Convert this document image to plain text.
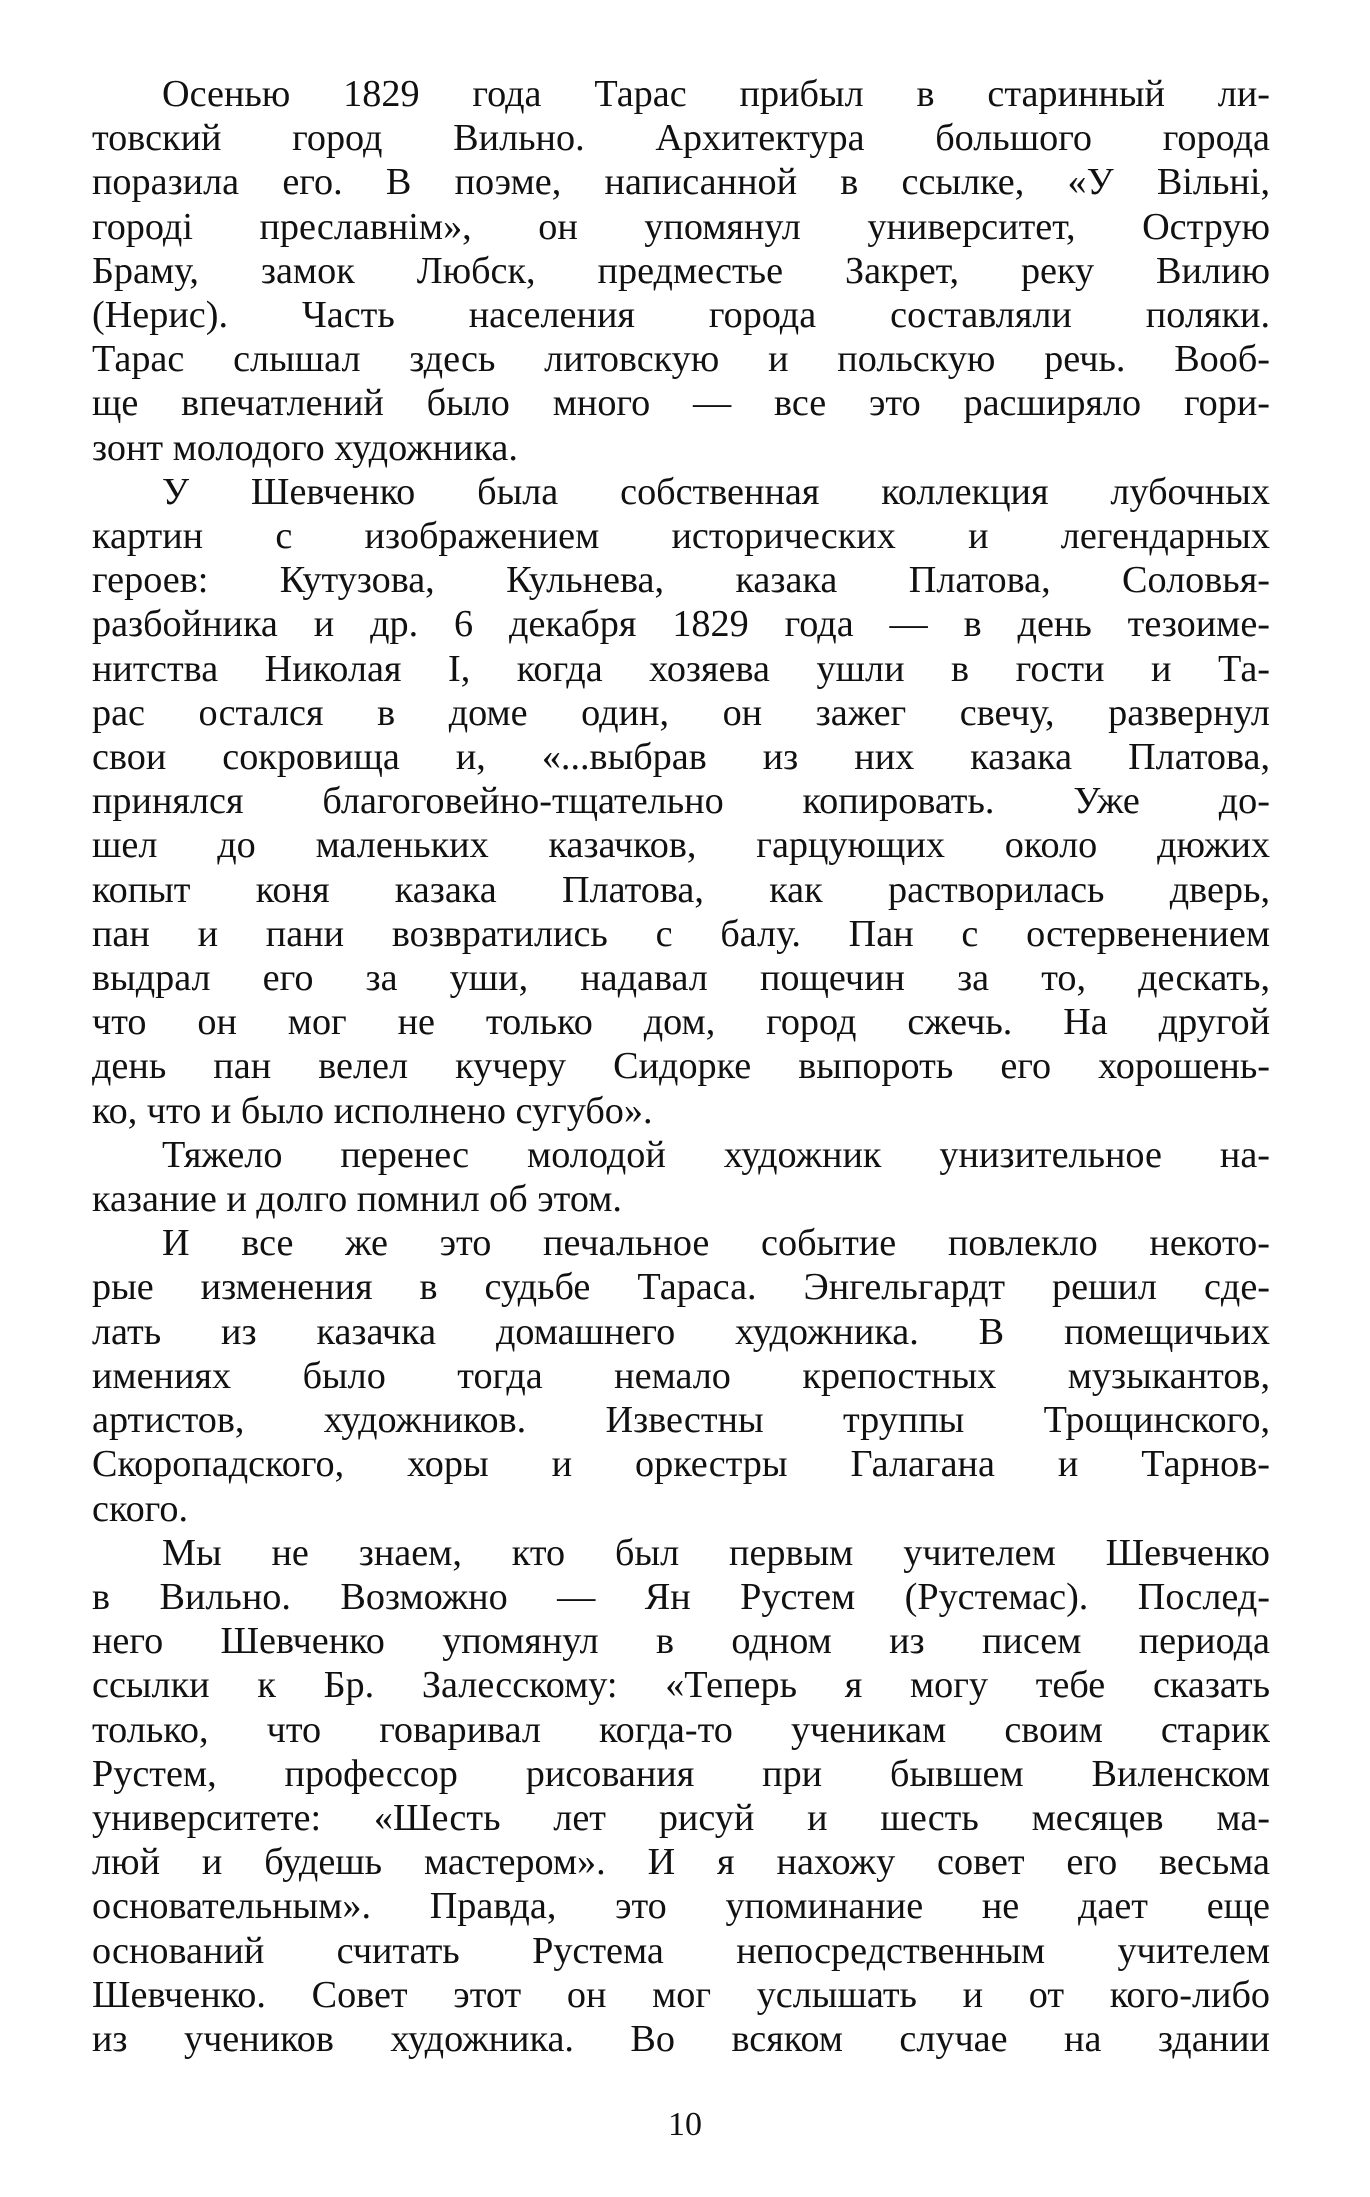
Осенью 1829 года Тарас прибыл в старинный ли-
товский город Вильно. Архитектура большого города
поразила его. В поэме, написанной в ссылке, «У Вільні,
городі преславнім», он упомянул университет, Острую
Браму, замок Любск, предместье Закрет, реку Вилию
(Нерис). Часть населения города составляли поляки.
Тарас слышал здесь литовскую и польскую речь. Вооб-
ще впечатлений было много — все это расширяло гори-
зонт молодого художника.
У Шевченко была собственная коллекция лубочных
картин с изображением исторических и легендарных
героев: Кутузова, Кульнева, казака Платова, Соловья-
разбойника и др. 6 декабря 1829 года — в день тезоиме-
нитства Николая I, когда хозяева ушли в гости и Та-
рас остался в доме один, он зажег свечу, развернул
свои сокровища и, «...выбрав из них казака Платова,
принялся благоговейно-тщательно копировать. Уже до-
шел до маленьких казачков, гарцующих около дюжих
копыт коня казака Платова, как растворилась дверь,
пан и пани возвратились с балу. Пан с остервенением
выдрал его за уши, надавал пощечин за то, дескать,
что он мог не только дом, город сжечь. На другой
день пан велел кучеру Сидорке выпороть его хорошень-
ко, что и было исполнено сугубо».
Тяжело перенес молодой художник унизительное на-
казание и долго помнил об этом.
И все же это печальное событие повлекло некото-
рые изменения в судьбе Тараса. Энгельгардт решил сде-
лать из казачка домашнего художника. В помещичьих
имениях было тогда немало крепостных музыкантов,
артистов, художников. Известны труппы Трощинского,
Скоропадского, хоры и оркестры Галагана и Тарнов-
ского.
Мы не знаем, кто был первым учителем Шевченко
в Вильно. Возможно — Ян Рустем (Рустемас). Послед-
него Шевченко упомянул в одном из писем периода
ссылки к Бр. Залесскому: «Теперь я могу тебе сказать
только, что говаривал когда-то ученикам своим старик
Рустем, профессор рисования при бывшем Виленском
университете: «Шесть лет рисуй и шесть месяцев ма-
люй и будешь мастером». И я нахожу совет его весьма
основательным». Правда, это упоминание не дает еще
оснований считать Рустема непосредственным учителем
Шевченко. Совет этот он мог услышать и от кого-либо
из учеников художника. Во всяком случае на здании
10
